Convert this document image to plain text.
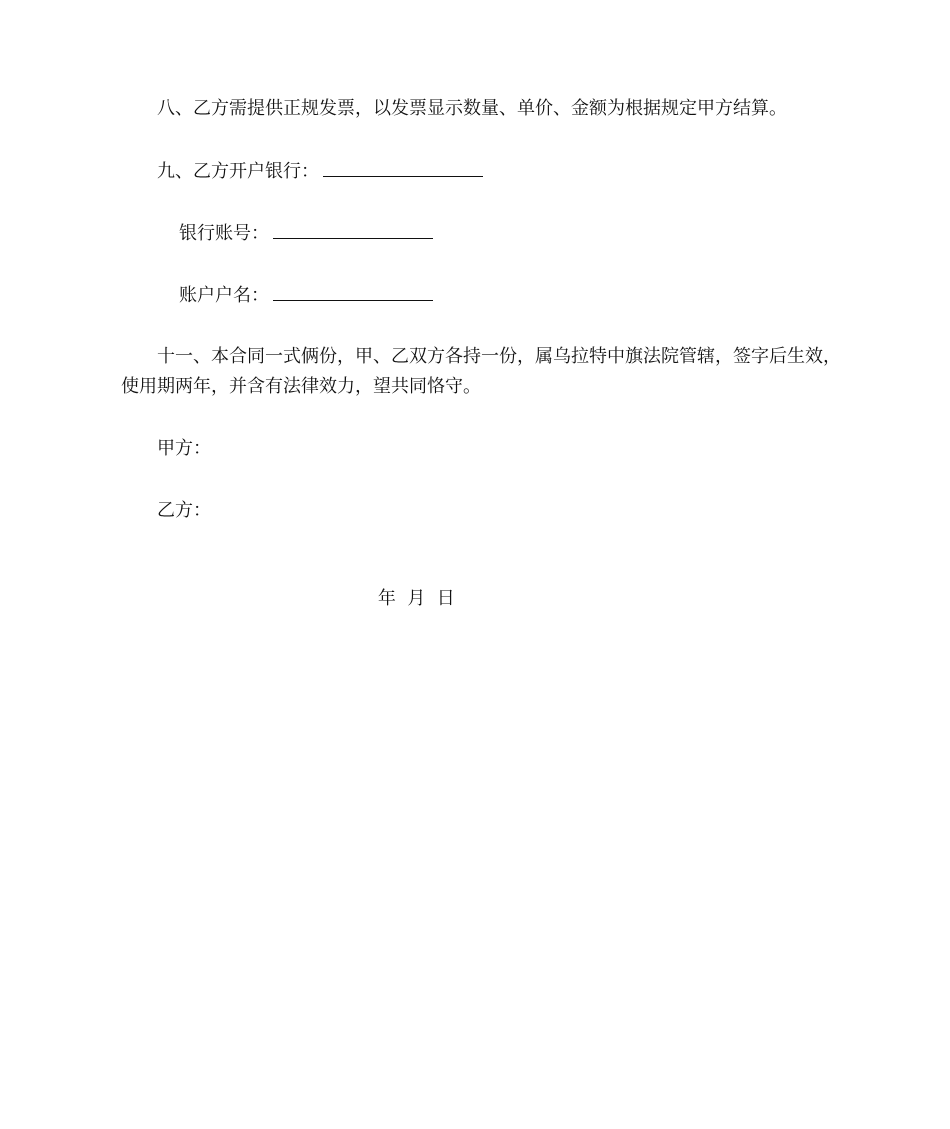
八、乙方需提供正规发票，以发票显示数量、单价、金额为根据规定甲方结算。
九、乙方开户银行：
银行账号：
账户户名：
十一、本合同一式俩份，甲、乙双方各持一份，属乌拉特中旗法院管辖，签字后生效，
使用期两年，并含有法律效力，望共同恪守。
甲方：
乙方：

年  月  日
